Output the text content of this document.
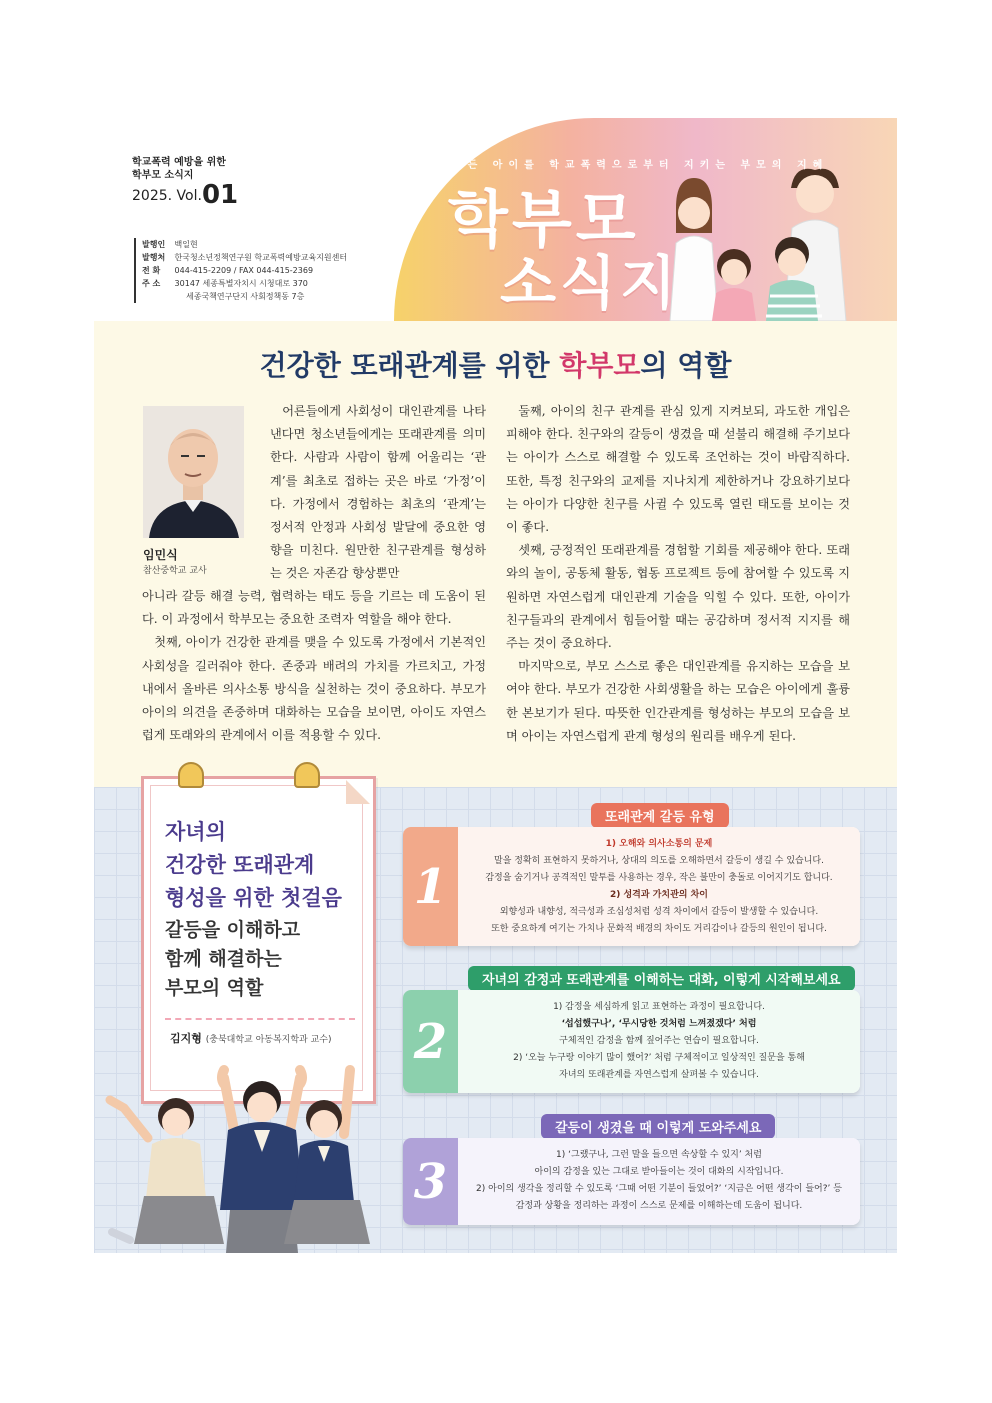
학교폭력 예방을 위한
학부모 소식지
2025. Vol.01
발행인 백일현
발행처 한국청소년정책연구원 학교폭력예방교육지원센터
전 화 044-415-2209 / FAX 044-415-2369
주 소 30147 세종특별자치시 시청대로 370
세종국책연구단지 사회정책동 7층
모든 아이를 학교폭력으로부터 지키는 부모의 지혜
학부모
소식지
건강한 또래관계를 위한 학부모의 역할
임민식
참산중학교 교사

어른들에게 사회성이 대인관계를 나타낸다면 청소년들에게는 또래관계를 의미한다. 사람과 사람이 함께 어울리는 ‘관계’를 최초로 접하는 곳은 바로 ‘가정’이다. 가정에서 경험하는 최초의 ‘관계’는 정서적 안정과 사회성 발달에 중요한 영향을 미친다. 원만한 친구관계를 형성하는 것은 자존감 향상뿐만

아니라 갈등 해결 능력, 협력하는 태도 등을 기르는 데 도움이 된다. 이 과정에서 학부모는 중요한 조력자 역할을 해야 한다.

첫째, 아이가 건강한 관계를 맺을 수 있도록 가정에서 기본적인 사회성을 길러줘야 한다. 존중과 배려의 가치를 가르치고, 가정 내에서 올바른 의사소통 방식을 실천하는 것이 중요하다. 부모가 아이의 의견을 존중하며 대화하는 모습을 보이면, 아이도 자연스럽게 또래와의 관계에서 이를 적용할 수 있다.

둘째, 아이의 친구 관계를 관심 있게 지켜보되, 과도한 개입은 피해야 한다. 친구와의 갈등이 생겼을 때 섣불리 해결해 주기보다는 아이가 스스로 해결할 수 있도록 조언하는 것이 바람직하다. 또한, 특정 친구와의 교제를 지나치게 제한하거나 강요하기보다는 아이가 다양한 친구를 사귈 수 있도록 열린 태도를 보이는 것이 좋다.

셋째, 긍정적인 또래관계를 경험할 기회를 제공해야 한다. 또래와의 놀이, 공동체 활동, 협동 프로젝트 등에 참여할 수 있도록 지원하면 자연스럽게 대인관계 기술을 익힐 수 있다. 또한, 아이가 친구들과의 관계에서 힘들어할 때는 공감하며 정서적 지지를 해 주는 것이 중요하다.

마지막으로, 부모 스스로 좋은 대인관계를 유지하는 모습을 보여야 한다. 부모가 건강한 사회생활을 하는 모습은 아이에게 훌륭한 본보기가 된다. 따뜻한 인간관계를 형성하는 부모의 모습을 보며 아이는 자연스럽게 관계 형성의 원리를 배우게 된다.

자녀의
건강한 또래관계
형성을 위한 첫걸음
갈등을 이해하고
함께 해결하는
부모의 역할
김지형 (충북대학교 아동복지학과 교수)
또래관계 갈등 유형
1
1) 오해와 의사소통의 문제
말을 정확히 표현하지 못하거나, 상대의 의도를 오해하면서 갈등이 생길 수 있습니다.
감정을 숨기거나 공격적인 말투를 사용하는 경우, 작은 불만이 충돌로 이어지기도 합니다.
2) 성격과 가치관의 차이
외향성과 내향성, 적극성과 조심성처럼 성격 차이에서 갈등이 발생할 수 있습니다.
또한 중요하게 여기는 가치나 문화적 배경의 차이도 거리감이나 갈등의 원인이 됩니다.
자녀의 감정과 또래관계를 이해하는 대화, 이렇게 시작해보세요
2
1) 감정을 세심하게 읽고 표현하는 과정이 필요합니다.
‘섭섭했구나’, ‘무시당한 것처럼 느껴졌겠다’ 처럼
구체적인 감정을 함께 짚어주는 연습이 필요합니다.
2) ‘오늘 누구랑 이야기 많이 했어?’ 처럼 구체적이고 일상적인 질문을 통해
자녀의 또래관계를 자연스럽게 살펴볼 수 있습니다.
갈등이 생겼을 때 이렇게 도와주세요
3	1) ‘그랬구나, 그런 말을 들으면 속상할 수 있지’ 처럼
아이의 감정을 있는 그대로 받아들이는 것이 대화의 시작입니다.
2) 아이의 생각을 정리할 수 있도록 ‘그때 어떤 기분이 들었어?’ ‘지금은 어떤 생각이 들어?’ 등
감정과 상황을 정리하는 과정이 스스로 문제를 이해하는데 도움이 됩니다.
